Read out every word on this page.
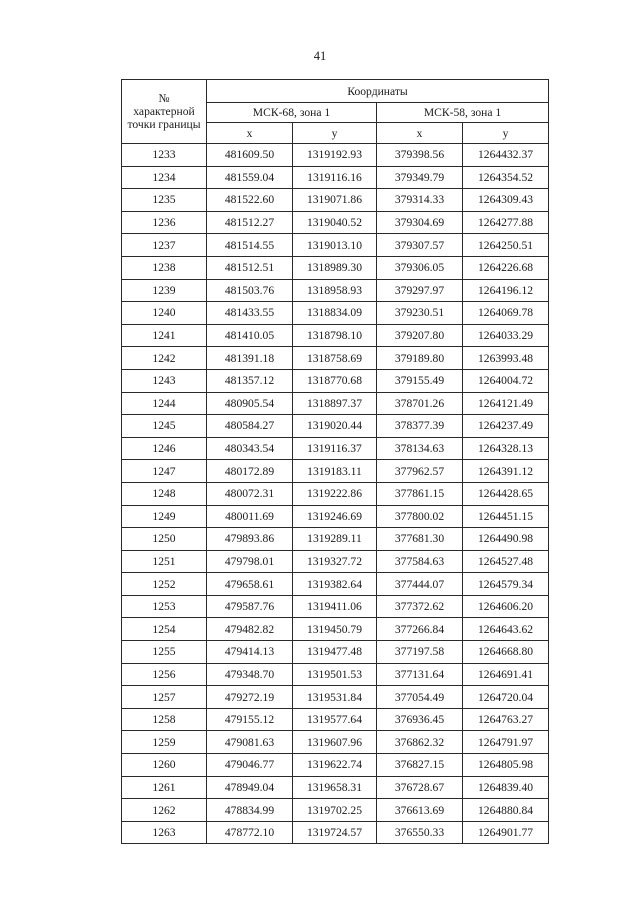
41
№
характерной
точки границы	Координаты			
	МСК-68, зона 1		МСК-58, зона 1	
	x	y	x	y
1233	481609.50	1319192.93	379398.56	1264432.37
1234	481559.04	1319116.16	379349.79	1264354.52
1235	481522.60	1319071.86	379314.33	1264309.43
1236	481512.27	1319040.52	379304.69	1264277.88
1237	481514.55	1319013.10	379307.57	1264250.51
1238	481512.51	1318989.30	379306.05	1264226.68
1239	481503.76	1318958.93	379297.97	1264196.12
1240	481433.55	1318834.09	379230.51	1264069.78
1241	481410.05	1318798.10	379207.80	1264033.29
1242	481391.18	1318758.69	379189.80	1263993.48
1243	481357.12	1318770.68	379155.49	1264004.72
1244	480905.54	1318897.37	378701.26	1264121.49
1245	480584.27	1319020.44	378377.39	1264237.49
1246	480343.54	1319116.37	378134.63	1264328.13
1247	480172.89	1319183.11	377962.57	1264391.12
1248	480072.31	1319222.86	377861.15	1264428.65
1249	480011.69	1319246.69	377800.02	1264451.15
1250	479893.86	1319289.11	377681.30	1264490.98
1251	479798.01	1319327.72	377584.63	1264527.48
1252	479658.61	1319382.64	377444.07	1264579.34
1253	479587.76	1319411.06	377372.62	1264606.20
1254	479482.82	1319450.79	377266.84	1264643.62
1255	479414.13	1319477.48	377197.58	1264668.80
1256	479348.70	1319501.53	377131.64	1264691.41
1257	479272.19	1319531.84	377054.49	1264720.04
1258	479155.12	1319577.64	376936.45	1264763.27
1259	479081.63	1319607.96	376862.32	1264791.97
1260	479046.77	1319622.74	376827.15	1264805.98
1261	478949.04	1319658.31	376728.67	1264839.40
1262	478834.99	1319702.25	376613.69	1264880.84
1263	478772.10	1319724.57	376550.33	1264901.77
